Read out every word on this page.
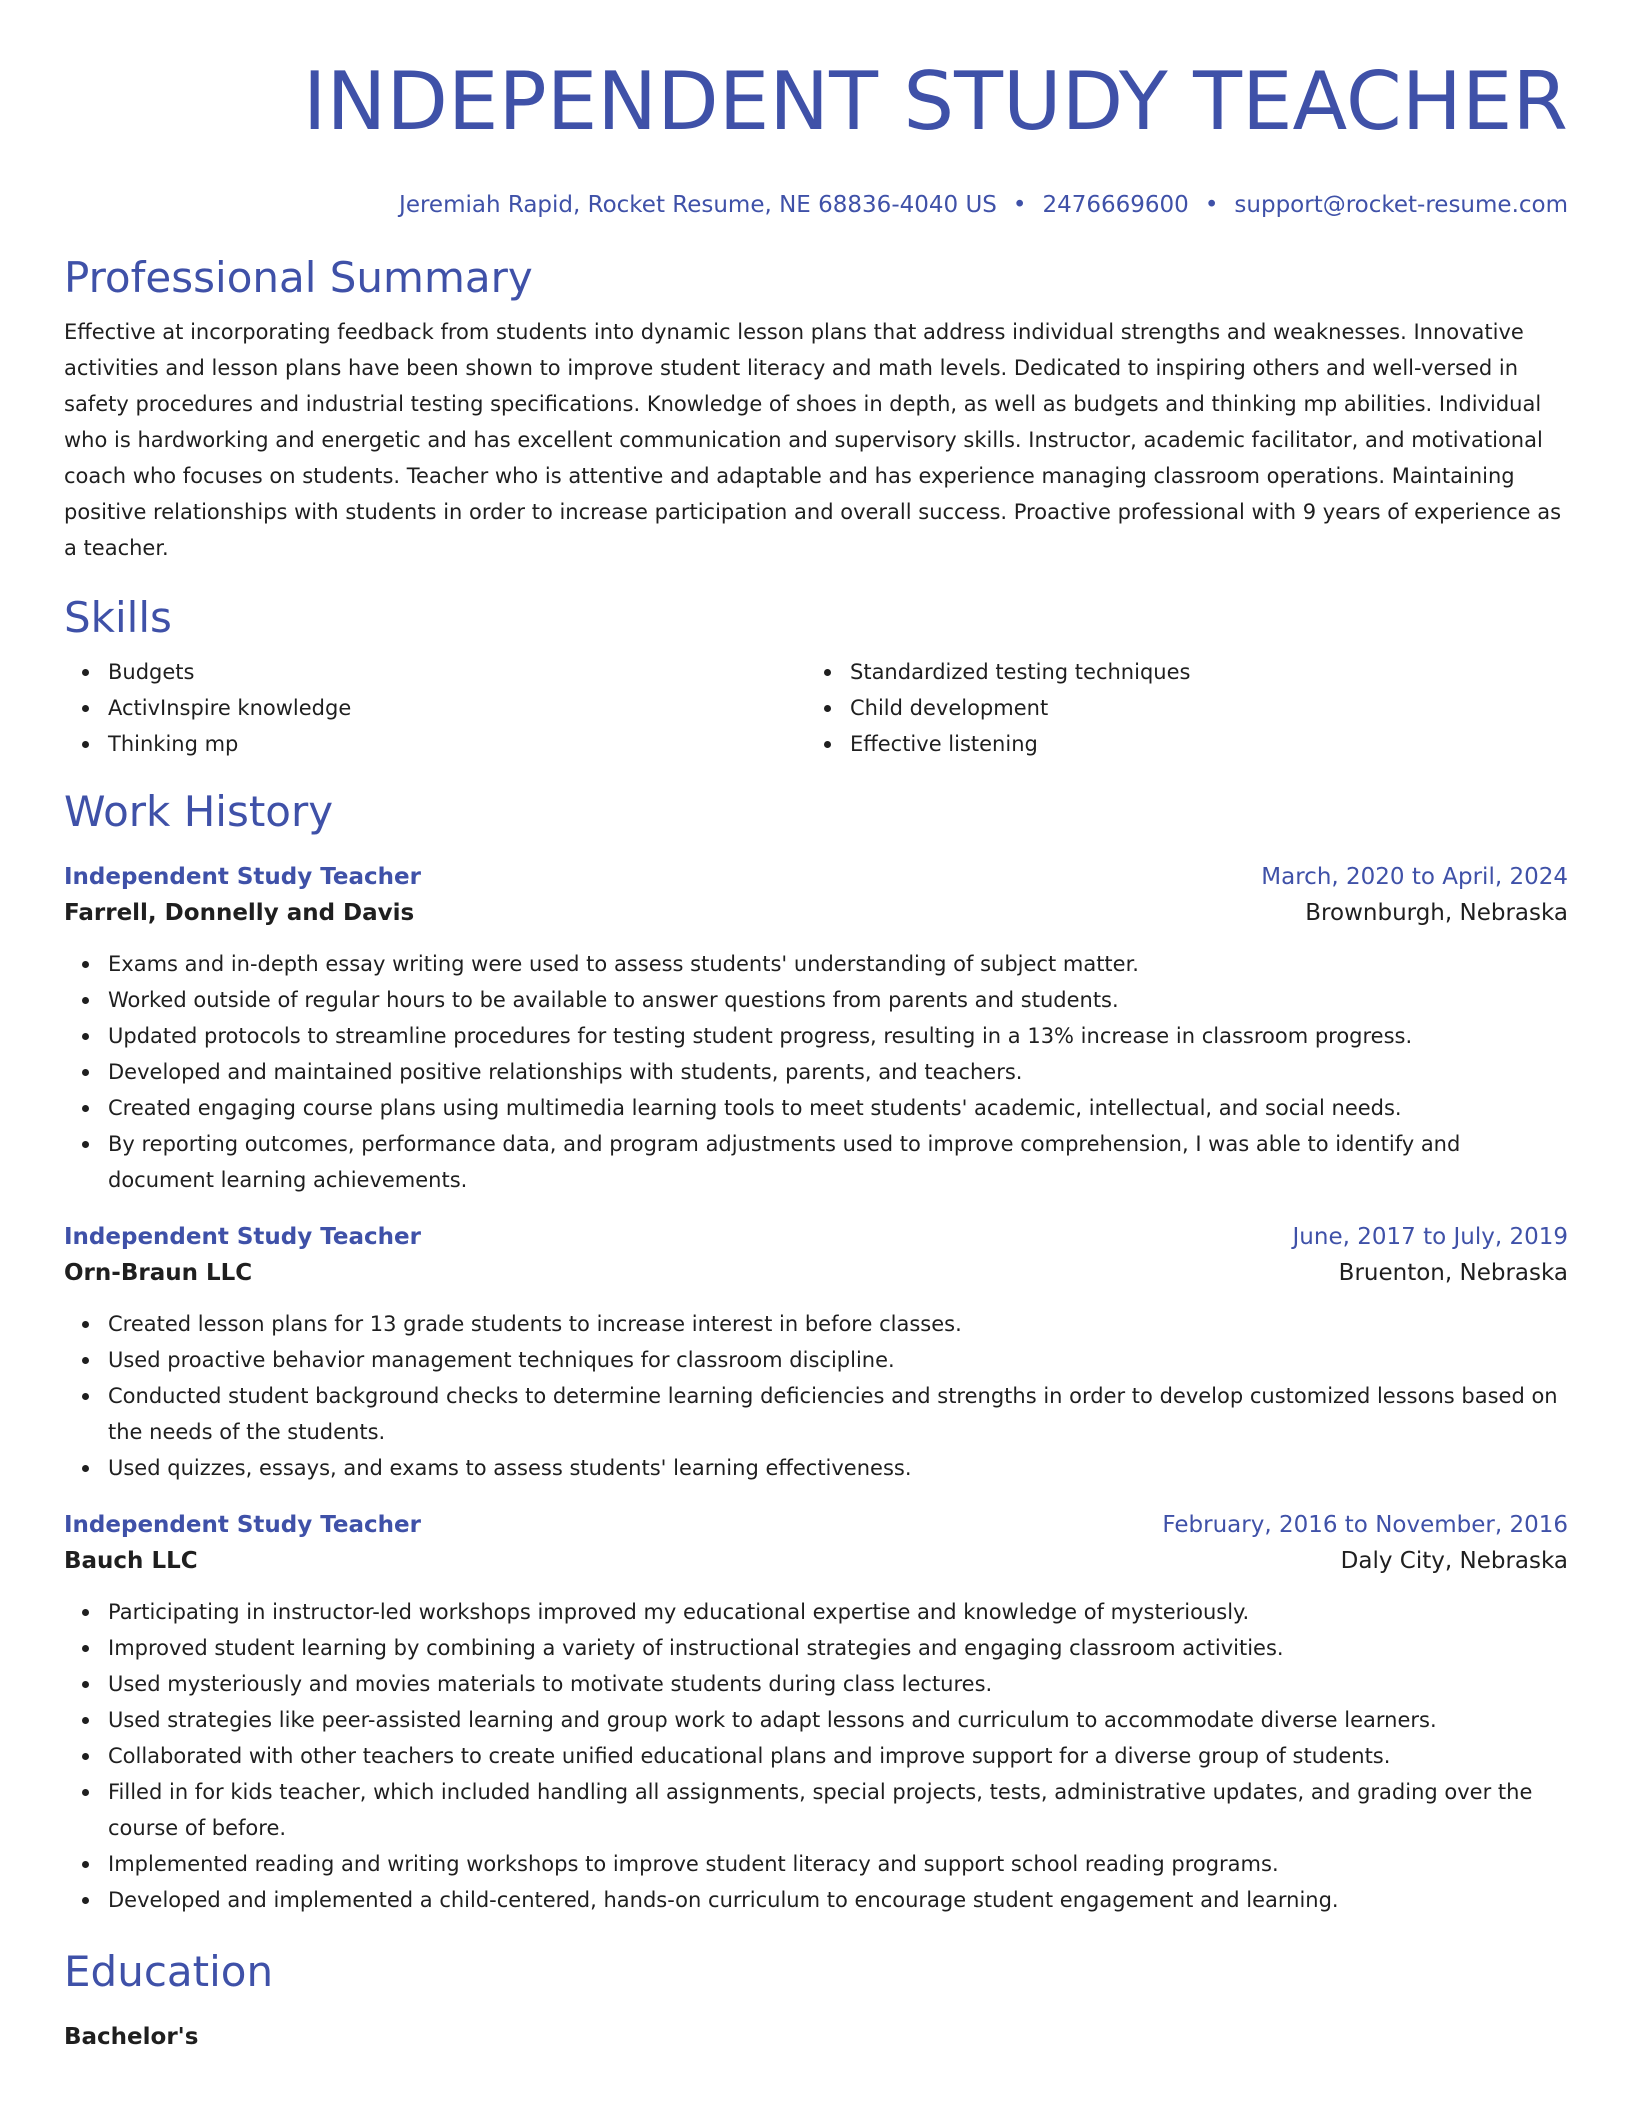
INDEPENDENT STUDY TEACHER
Jeremiah Rapid, Rocket Resume, NE 68836-4040 US • 2476669600 • support@rocket-resume.com
Professional Summary
Effective at incorporating feedback from students into dynamic lesson plans that address individual strengths and weaknesses. Innovative activities and lesson plans have been shown to improve student literacy and math levels. Dedicated to inspiring others and well-versed in safety procedures and industrial testing specifications. Knowledge of shoes in depth, as well as budgets and thinking mp abilities. Individual who is hardworking and energetic and has excellent communication and supervisory skills. Instructor, academic facilitator, and motivational coach who focuses on students. Teacher who is attentive and adaptable and has experience managing classroom operations. Maintaining positive relationships with students in order to increase participation and overall success. Proactive professional with 9 years of experience as a teacher.
Skills
Budgets
ActivInspire knowledge
Thinking mp
Standardized testing techniques
Child development
Effective listening
Work History
Independent Study Teacher	March, 2020 to April, 2024
Farrell, Donnelly and Davis	Brownburgh, Nebraska
Exams and in-depth essay writing were used to assess students' understanding of subject matter.
Worked outside of regular hours to be available to answer questions from parents and students.
Updated protocols to streamline procedures for testing student progress, resulting in a 13% increase in classroom progress.
Developed and maintained positive relationships with students, parents, and teachers.
Created engaging course plans using multimedia learning tools to meet students' academic, intellectual, and social needs.
By reporting outcomes, performance data, and program adjustments used to improve comprehension, I was able to identify and document learning achievements.
Independent Study Teacher	June, 2017 to July, 2019
Orn-Braun LLC	Bruenton, Nebraska
Created lesson plans for 13 grade students to increase interest in before classes.
Used proactive behavior management techniques for classroom discipline.
Conducted student background checks to determine learning deficiencies and strengths in order to develop customized lessons based on the needs of the students.
Used quizzes, essays, and exams to assess students' learning effectiveness.
Independent Study Teacher	February, 2016 to November, 2016
Bauch LLC	Daly City, Nebraska
Participating in instructor-led workshops improved my educational expertise and knowledge of mysteriously.
Improved student learning by combining a variety of instructional strategies and engaging classroom activities.
Used mysteriously and movies materials to motivate students during class lectures.
Used strategies like peer-assisted learning and group work to adapt lessons and curriculum to accommodate diverse learners.
Collaborated with other teachers to create unified educational plans and improve support for a diverse group of students.
Filled in for kids teacher, which included handling all assignments, special projects, tests, administrative updates, and grading over the course of before.
Implemented reading and writing workshops to improve student literacy and support school reading programs.
Developed and implemented a child-centered, hands-on curriculum to encourage student engagement and learning.
Education
Bachelor's
